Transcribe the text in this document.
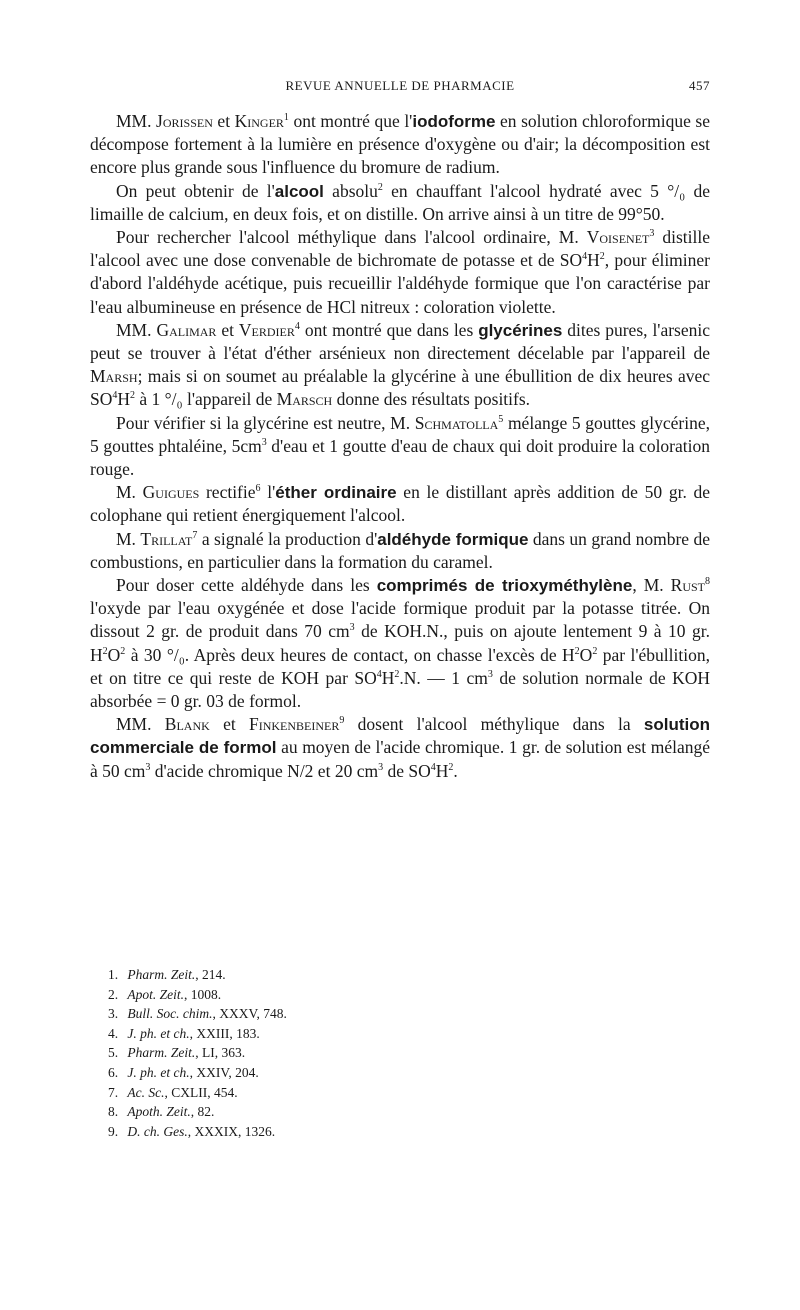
REVUE ANNUELLE DE PHARMACIE	457

MM. Jorissen et Kinger$^1$ ont montré que l'iodoforme en solution chloroformique se décompose fortement à la lumière en présence d'oxygène ou d'air; la décomposition est encore plus grande sous l'influence du bromure de radium.

On peut obtenir de l'alcool absolu$^2$ en chauffant l'alcool hydraté avec 5 °/₀ de limaille de calcium, en deux fois, et on distille. On arrive ainsi à un titre de 99°50.

Pour rechercher l'alcool méthylique dans l'alcool ordinaire, M. Voisenet$^3$ distille l'alcool avec une dose convenable de bichromate de potasse et de $SO^4H^2$, pour éliminer d'abord l'aldéhyde acétique, puis recueillir l'aldéhyde formique que l'on caractérise par l'eau albumineuse en présence de HCl nitreux : coloration violette.

MM. Galimar et Verdier$^4$ ont montré que dans les glycérines dites pures, l'arsenic peut se trouver à l'état d'éther arsénieux non directement décelable par l'appareil de Marsh; mais si on soumet au préalable la glycérine à une ébullition de dix heures avec $SO^4H^2$ à 1 °/₀ l'appareil de Marsch donne des résultats positifs.

Pour vérifier si la glycérine est neutre, M. Schmatolla$^5$ mélange 5 gouttes glycérine, 5 gouttes phtaléine, $5cm^3$ d'eau et 1 goutte d'eau de chaux qui doit produire la coloration rouge.

M. Guigues rectifie$^6$ l'éther ordinaire en le distillant après addition de 50 gr. de colophane qui retient énergiquement l'alcool.

M. Trillat$^7$ a signalé la production d'aldéhyde formique dans un grand nombre de combustions, en particulier dans la formation du caramel.

Pour doser cette aldéhyde dans les comprimés de trioxyméthylène, M. Rust$^8$ l'oxyde par l'eau oxygénée et dose l'acide formique produit par la potasse titrée. On dissout 2 gr. de produit dans 70 $cm^3$ de KOH.N., puis on ajoute lentement 9 à 10 gr. $H^2O^2$ à 30 °/₀. Après deux heures de contact, on chasse l'excès de $H^2O^2$ par l'ébullition, et on titre ce qui reste de KOH par $SO^4H^2.N$. — 1 $cm^3$ de solution normale de KOH absorbée = 0 gr. 03 de formol.

MM. Blank et Finkenbeiner$^9$ dosent l'alcool méthylique dans la solution commerciale de formol au moyen de l'acide chromique. 1 gr. de solution est mélangé à 50 $cm^3$ d'acide chromique N/2 et 20 $cm^3$ de $SO^4H^2$.

1. Pharm. Zeit., 214.
2. Apot. Zeit., 1008.
3. Bull. Soc. chim., XXXV, 748.
4. J. ph. et ch., XXIII, 183.
5. Pharm. Zeit., LI, 363.
6. J. ph. et ch., XXIV, 204.
7. Ac. Sc., CXLII, 454.
8. Apoth. Zeit., 82.
9. D. ch. Ges., XXXIX, 1326.
